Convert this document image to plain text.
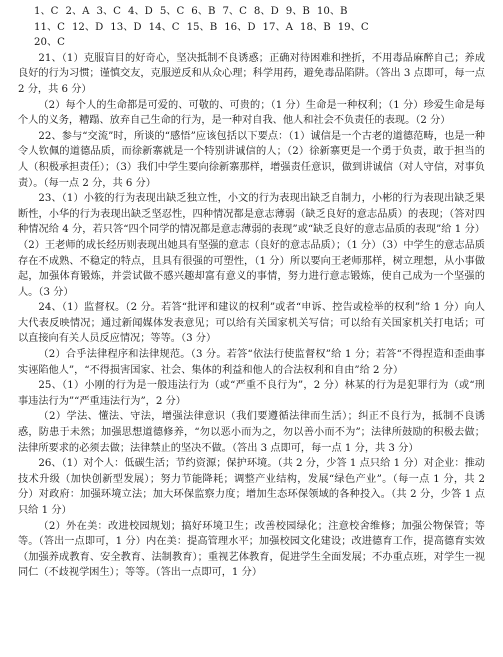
1、C 2、A 3、C 4、D 5、C 6、B 7、C 8、D 9、B 10、B
11、C 12、D 13、D 14、C 15、B 16、D 17、A 18、B 19、C
20、C

21、（1）克服盲目的好奇心，坚决抵制不良诱惑；正确对待困难和挫折，不用毒品麻醉自己；养成良好的行为习惯；谨慎交友，克服逆反和从众心理；科学用药，避免毒品陷阱。（答出 3 点即可，每一点 2 分，共 6 分）

（2）每个人的生命都是可爱的、可敬的、可贵的；（1 分）生命是一种权利；（1 分）珍爱生命是每个人的义务，糟蹋、放弃自己生命的行为，是一种对自我、他人和社会不负责任的表现。（2 分）

22、参与“交流”时，所谈的“感悟”应该包括以下要点：（1）诚信是一个古老的道德范畴，也是一种令人钦佩的道德品质，而徐新寨就是一个特别讲诚信的人；（2）徐新寨更是一个勇于负责，敢于担当的人（积极承担责任）；（3）我们中学生要向徐新寨那样，增强责任意识，做到讲诚信（对人守信，对事负责）。（每一点 2 分，共 6 分）

23、（1）小筱的行为表现出缺乏独立性，小文的行为表现出缺乏自制力，小彬的行为表现出缺乏果断性，小华的行为表现出缺乏坚忍性，四种情况都是意志薄弱（缺乏良好的意志品质）的表现；（答对四种情况给 4 分，若只答“四个同学的情况都是意志薄弱的表现”或“缺乏良好的意志品质的表现”给 1 分）（2）王老师的成长经历则表现出她具有坚强的意志（良好的意志品质）；（1 分）（3）中学生的意志品质存在不成熟、不稳定的特点，且具有很强的可塑性，（1 分）所以要向王老师那样，树立理想，从小事做起，加强体育锻炼，并尝试做不感兴趣却富有意义的事情，努力进行意志锻炼，使自己成为一个坚强的人。（3 分）

24、（1）监督权。（2 分。若答“批评和建议的权利”或者“申诉、控告或检举的权利”给 1 分）向人大代表反映情况；通过新闻媒体发表意见；可以给有关国家机关写信；可以给有关国家机关打电话；可以直接向有关人员反应情况；等等。（3 分）

（2）合乎法律程序和法律规范。（3 分。若答“依法行使监督权”给 1 分；若答“不得捏造和歪曲事实诬陷他人”，“不得损害国家、社会、集体的利益和他人的合法权利和自由”给 2 分）

25、（1）小刚的行为是一般违法行为（或“严重不良行为”，2 分）林某的行为是犯罪行为（或“刑事违法行为”“严重违法行为”，2 分）

（2）学法、懂法、守法，增强法律意识（我们要遵循法律而生活）；纠正不良行为，抵制不良诱惑，防患于未然；加强思想道德修养，“勿以恶小而为之，勿以善小而不为”；法律所鼓励的积极去做；法律所要求的必须去做；法律禁止的坚决不做。（答出 3 点即可，每一点 1 分，共 3 分）

26、（1）对个人：低碳生活；节约资源；保护环境。（共 2 分，少答 1 点只给 1 分）对企业：推动技术升级（加快创新型发展）；努力节能降耗；调整产业结构，发展“绿色产业”。（每一点 1 分，共 2 分）对政府：加强环境立法；加大环保监察力度；增加生态环保领域的各种投入。（共 2 分，少答 1 点只给 1 分）

（2）外在美：改进校园规划；搞好环境卫生；改善校园绿化；注意校舍维修；加强公物保管；等等。（答出一点即可，1 分）内在美：提高管理水平；加强校园文化建设；改进德育工作，提高德育实效（加强养成教育、安全教育、法制教育）；重视艺体教育，促进学生全面发展；不办重点班，对学生一视同仁（不歧视学困生）；等等。（答出一点即可，1 分）
